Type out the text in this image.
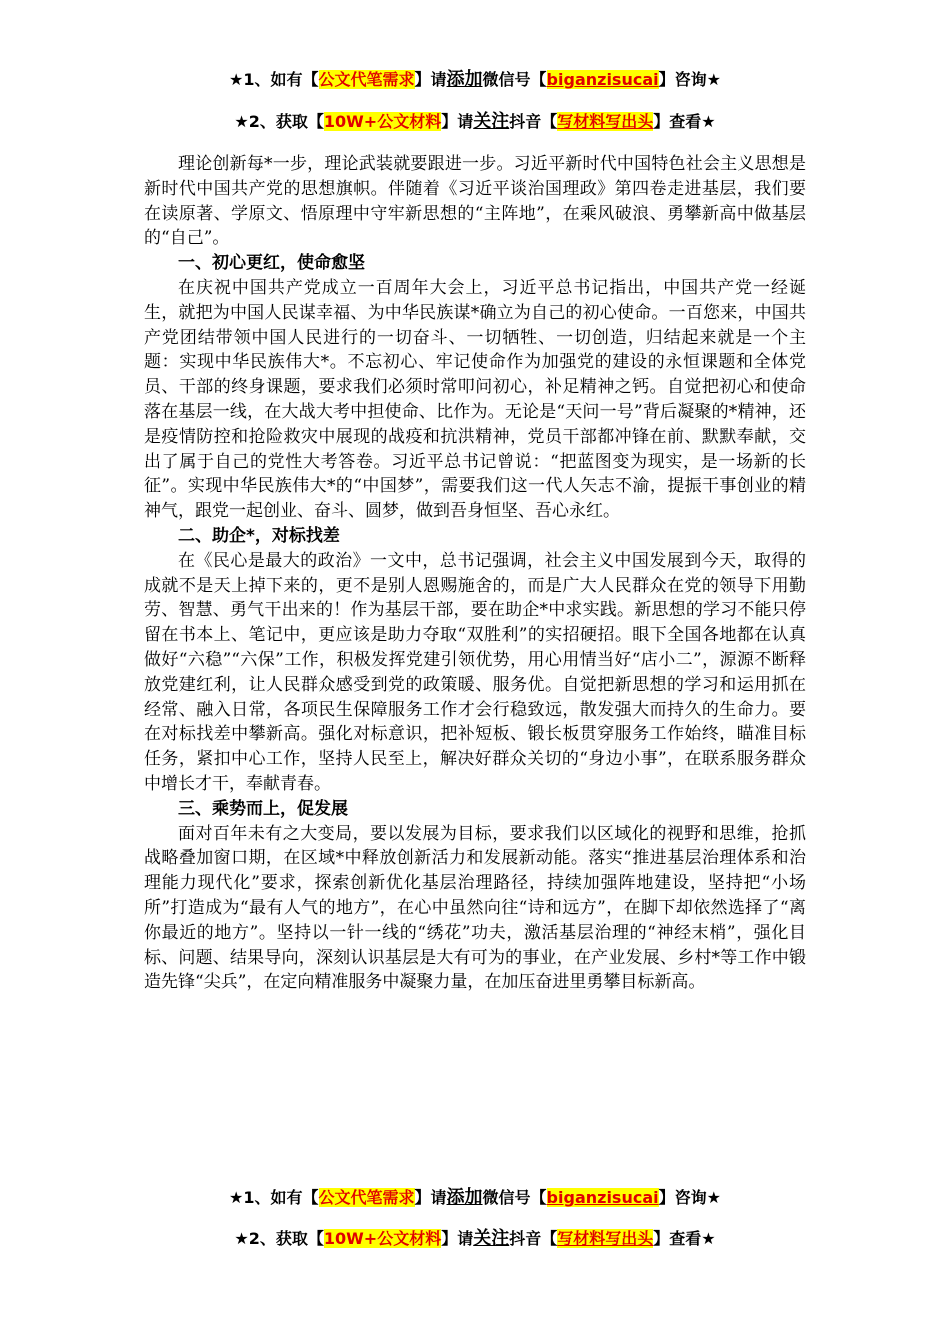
★1、如有【公文代笔需求】请添加微信号【biganzisucai】咨询★
★2、获取【10W+公文材料】请关注抖音【写材料写出头】查看★

理论创新每*一步，理论武装就要跟进一步。习近平新时代中国特色社会主义思想是新时代中国共产党的思想旗帜。伴随着《习近平谈治国理政》第四卷走进基层，我们要在读原著、学原文、悟原理中守牢新思想的“主阵地”，在乘风破浪、勇攀新高中做基层的“自己”。

一、初心更红，使命愈坚

在庆祝中国共产党成立一百周年大会上，习近平总书记指出，中国共产党一经诞生，就把为中国人民谋幸福、为中华民族谋*确立为自己的初心使命。一百您来，中国共产党团结带领中国人民进行的一切奋斗、一切牺牲、一切创造，归结起来就是一个主题：实现中华民族伟大*。不忘初心、牢记使命作为加强党的建设的永恒课题和全体党员、干部的终身课题，要求我们必须时常叩问初心，补足精神之钙。自觉把初心和使命落在基层一线，在大战大考中担使命、比作为。无论是“天问一号”背后凝聚的*精神，还是疫情防控和抢险救灾中展现的战疫和抗洪精神，党员干部都冲锋在前、默默奉献，交出了属于自己的党性大考答卷。习近平总书记曾说：“把蓝图变为现实，是一场新的长征”。实现中华民族伟大*的“中国梦”，需要我们这一代人矢志不渝，提振干事创业的精神气，跟党一起创业、奋斗、圆梦，做到吾身恒坚、吾心永红。

二、助企*，对标找差

在《民心是最大的政治》一文中，总书记强调，社会主义中国发展到今天，取得的成就不是天上掉下来的，更不是别人恩赐施舍的，而是广大人民群众在党的领导下用勤劳、智慧、勇气干出来的！作为基层干部，要在助企*中求实践。新思想的学习不能只停留在书本上、笔记中，更应该是助力夺取“双胜利”的实招硬招。眼下全国各地都在认真做好“六稳”“六保”工作，积极发挥党建引领优势，用心用情当好“店小二”，源源不断释放党建红利，让人民群众感受到党的政策暖、服务优。自觉把新思想的学习和运用抓在经常、融入日常，各项民生保障服务工作才会行稳致远，散发强大而持久的生命力。要在对标找差中攀新高。强化对标意识，把补短板、锻长板贯穿服务工作始终，瞄准目标任务，紧扣中心工作，坚持人民至上，解决好群众关切的“身边小事”，在联系服务群众中增长才干，奉献青春。

三、乘势而上，促发展

面对百年未有之大变局，要以发展为目标，要求我们以区域化的视野和思维，抢抓战略叠加窗口期，在区域*中释放创新活力和发展新动能。落实“推进基层治理体系和治理能力现代化”要求，探索创新优化基层治理路径，持续加强阵地建设，坚持把“小场所”打造成为“最有人气的地方”，在心中虽然向往“诗和远方”，在脚下却依然选择了“离你最近的地方”。坚持以一针一线的“绣花”功夫，激活基层治理的“神经末梢”，强化目标、问题、结果导向，深刻认识基层是大有可为的事业，在产业发展、乡村*等工作中锻造先锋“尖兵”，在定向精准服务中凝聚力量，在加压奋进里勇攀目标新高。

★1、如有【公文代笔需求】请添加微信号【biganzisucai】咨询★
★2、获取【10W+公文材料】请关注抖音【写材料写出头】查看★
